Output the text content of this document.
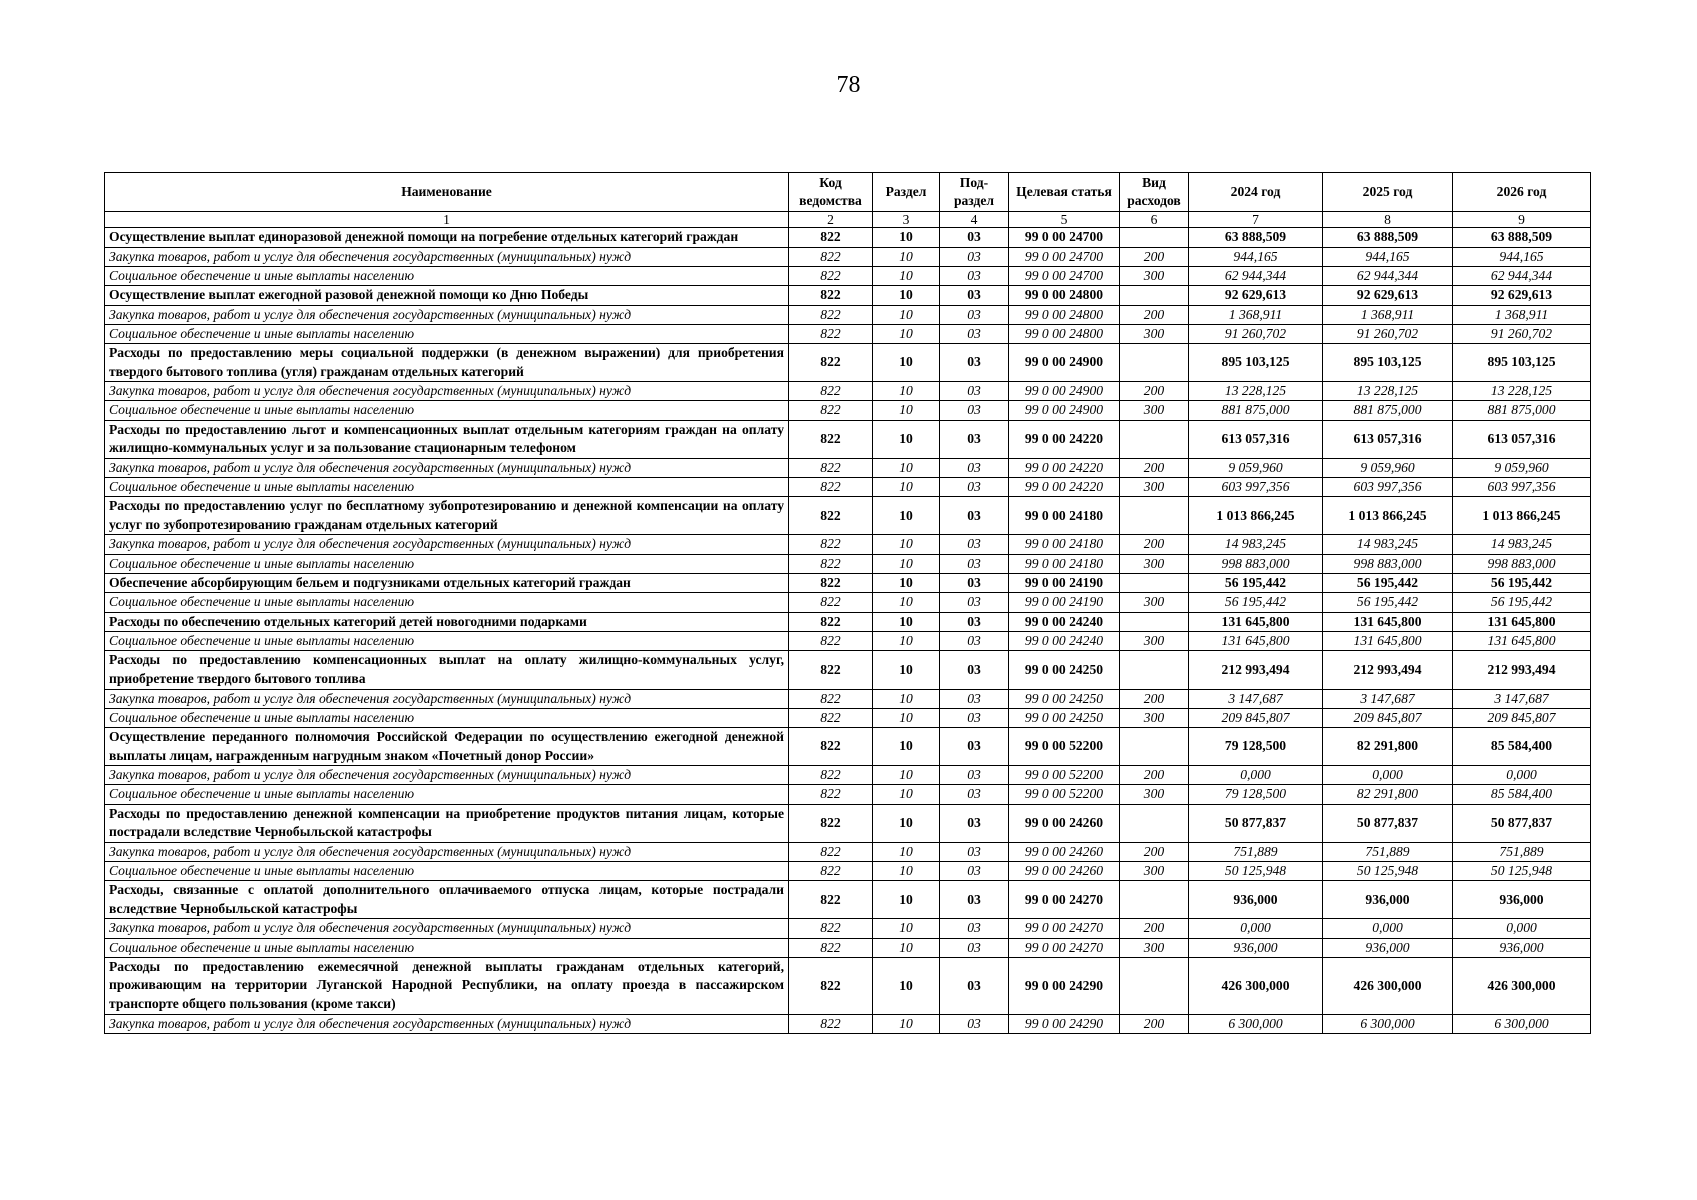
78
Наименование	Код ведомства	Раздел	Под-раздел	Целевая статья	Вид расходов	2024 год	2025 год	2026 год
1	2	3	4	5	6	7	8	9
Осуществление выплат единоразовой денежной помощи на погребение отдельных категорий граждан	822	10	03	99 0 00 24700		63 888,509	63 888,509	63 888,509
Закупка товаров, работ и услуг для обеспечения государственных (муниципальных) нужд	822	10	03	99 0 00 24700	200	944,165	944,165	944,165
Социальное обеспечение и иные выплаты населению	822	10	03	99 0 00 24700	300	62 944,344	62 944,344	62 944,344
Осуществление выплат ежегодной разовой денежной помощи ко Дню Победы	822	10	03	99 0 00 24800		92 629,613	92 629,613	92 629,613
Закупка товаров, работ и услуг для обеспечения государственных (муниципальных) нужд	822	10	03	99 0 00 24800	200	1 368,911	1 368,911	1 368,911
Социальное обеспечение и иные выплаты населению	822	10	03	99 0 00 24800	300	91 260,702	91 260,702	91 260,702
Расходы по предоставлению меры социальной поддержки (в денежном выражении) для приобретения твердого бытового топлива (угля) гражданам отдельных категорий	822	10	03	99 0 00 24900		895 103,125	895 103,125	895 103,125
Закупка товаров, работ и услуг для обеспечения государственных (муниципальных) нужд	822	10	03	99 0 00 24900	200	13 228,125	13 228,125	13 228,125
Социальное обеспечение и иные выплаты населению	822	10	03	99 0 00 24900	300	881 875,000	881 875,000	881 875,000
Расходы по предоставлению льгот и компенсационных выплат отдельным категориям граждан на оплату жилищно-коммунальных услуг и за пользование стационарным телефоном	822	10	03	99 0 00 24220		613 057,316	613 057,316	613 057,316
Закупка товаров, работ и услуг для обеспечения государственных (муниципальных) нужд	822	10	03	99 0 00 24220	200	9 059,960	9 059,960	9 059,960
Социальное обеспечение и иные выплаты населению	822	10	03	99 0 00 24220	300	603 997,356	603 997,356	603 997,356
Расходы по предоставлению услуг по бесплатному зубопротезированию и денежной компенсации на оплату услуг по зубопротезированию гражданам отдельных категорий	822	10	03	99 0 00 24180		1 013 866,245	1 013 866,245	1 013 866,245
Закупка товаров, работ и услуг для обеспечения государственных (муниципальных) нужд	822	10	03	99 0 00 24180	200	14 983,245	14 983,245	14 983,245
Социальное обеспечение и иные выплаты населению	822	10	03	99 0 00 24180	300	998 883,000	998 883,000	998 883,000
Обеспечение абсорбирующим бельем и подгузниками отдельных категорий граждан	822	10	03	99 0 00 24190		56 195,442	56 195,442	56 195,442
Социальное обеспечение и иные выплаты населению	822	10	03	99 0 00 24190	300	56 195,442	56 195,442	56 195,442
Расходы по обеспечению отдельных категорий детей новогодними подарками	822	10	03	99 0 00 24240		131 645,800	131 645,800	131 645,800
Социальное обеспечение и иные выплаты населению	822	10	03	99 0 00 24240	300	131 645,800	131 645,800	131 645,800
Расходы по предоставлению компенсационных выплат на оплату жилищно-коммунальных услуг, приобретение твердого бытового топлива	822	10	03	99 0 00 24250		212 993,494	212 993,494	212 993,494
Закупка товаров, работ и услуг для обеспечения государственных (муниципальных) нужд	822	10	03	99 0 00 24250	200	3 147,687	3 147,687	3 147,687
Социальное обеспечение и иные выплаты населению	822	10	03	99 0 00 24250	300	209 845,807	209 845,807	209 845,807
Осуществление переданного полномочия Российской Федерации по осуществлению ежегодной денежной выплаты лицам, награжденным нагрудным знаком «Почетный донор России»	822	10	03	99 0 00 52200		79 128,500	82 291,800	85 584,400
Закупка товаров, работ и услуг для обеспечения государственных (муниципальных) нужд	822	10	03	99 0 00 52200	200	0,000	0,000	0,000
Социальное обеспечение и иные выплаты населению	822	10	03	99 0 00 52200	300	79 128,500	82 291,800	85 584,400
Расходы по предоставлению денежной компенсации на приобретение продуктов питания лицам, которые пострадали вследствие Чернобыльской катастрофы	822	10	03	99 0 00 24260		50 877,837	50 877,837	50 877,837
Закупка товаров, работ и услуг для обеспечения государственных (муниципальных) нужд	822	10	03	99 0 00 24260	200	751,889	751,889	751,889
Социальное обеспечение и иные выплаты населению	822	10	03	99 0 00 24260	300	50 125,948	50 125,948	50 125,948
Расходы, связанные с оплатой дополнительного оплачиваемого отпуска лицам, которые пострадали вследствие Чернобыльской катастрофы	822	10	03	99 0 00 24270		936,000	936,000	936,000
Закупка товаров, работ и услуг для обеспечения государственных (муниципальных) нужд	822	10	03	99 0 00 24270	200	0,000	0,000	0,000
Социальное обеспечение и иные выплаты населению	822	10	03	99 0 00 24270	300	936,000	936,000	936,000
Расходы по предоставлению ежемесячной денежной выплаты гражданам отдельных категорий, проживающим на территории Луганской Народной Республики, на оплату проезда в пассажирском транспорте общего пользования (кроме такси)	822	10	03	99 0 00 24290		426 300,000	426 300,000	426 300,000
Закупка товаров, работ и услуг для обеспечения государственных (муниципальных) нужд	822	10	03	99 0 00 24290	200	6 300,000	6 300,000	6 300,000
